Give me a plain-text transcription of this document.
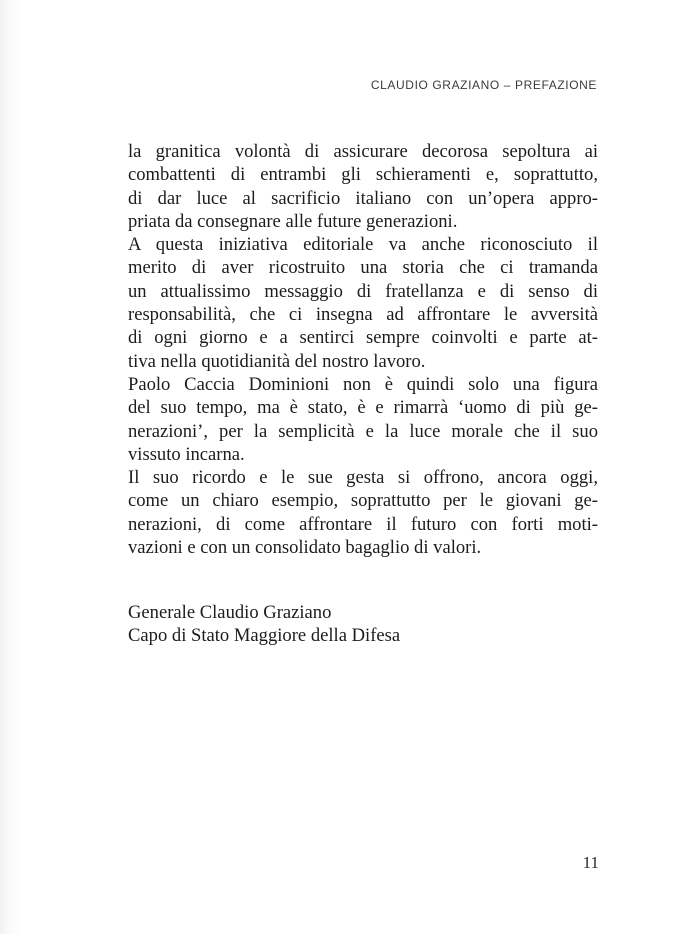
CLAUDIO GRAZIANO – PREFAZIONE
la granitica volontà di assicurare decorosa sepoltura ai
combattenti di entrambi gli schieramenti e, soprattutto,
di dar luce al sacrificio italiano con un’opera appro-
priata da consegnare alle future generazioni.
A questa iniziativa editoriale va anche riconosciuto il
merito di aver ricostruito una storia che ci tramanda
un attualissimo messaggio di fratellanza e di senso di
responsabilità, che ci insegna ad affrontare le avversità
di ogni giorno e a sentirci sempre coinvolti e parte at-
tiva nella quotidianità del nostro lavoro.
Paolo Caccia Dominioni non è quindi solo una figura
del suo tempo, ma è stato, è e rimarrà ‘uomo di più ge-
nerazioni’, per la semplicità e la luce morale che il suo
vissuto incarna.
Il suo ricordo e le sue gesta si offrono, ancora oggi,
come un chiaro esempio, soprattutto per le giovani ge-
nerazioni, di come affrontare il futuro con forti moti-
vazioni e con un consolidato bagaglio di valori.
Generale Claudio Graziano
Capo di Stato Maggiore della Difesa
11
